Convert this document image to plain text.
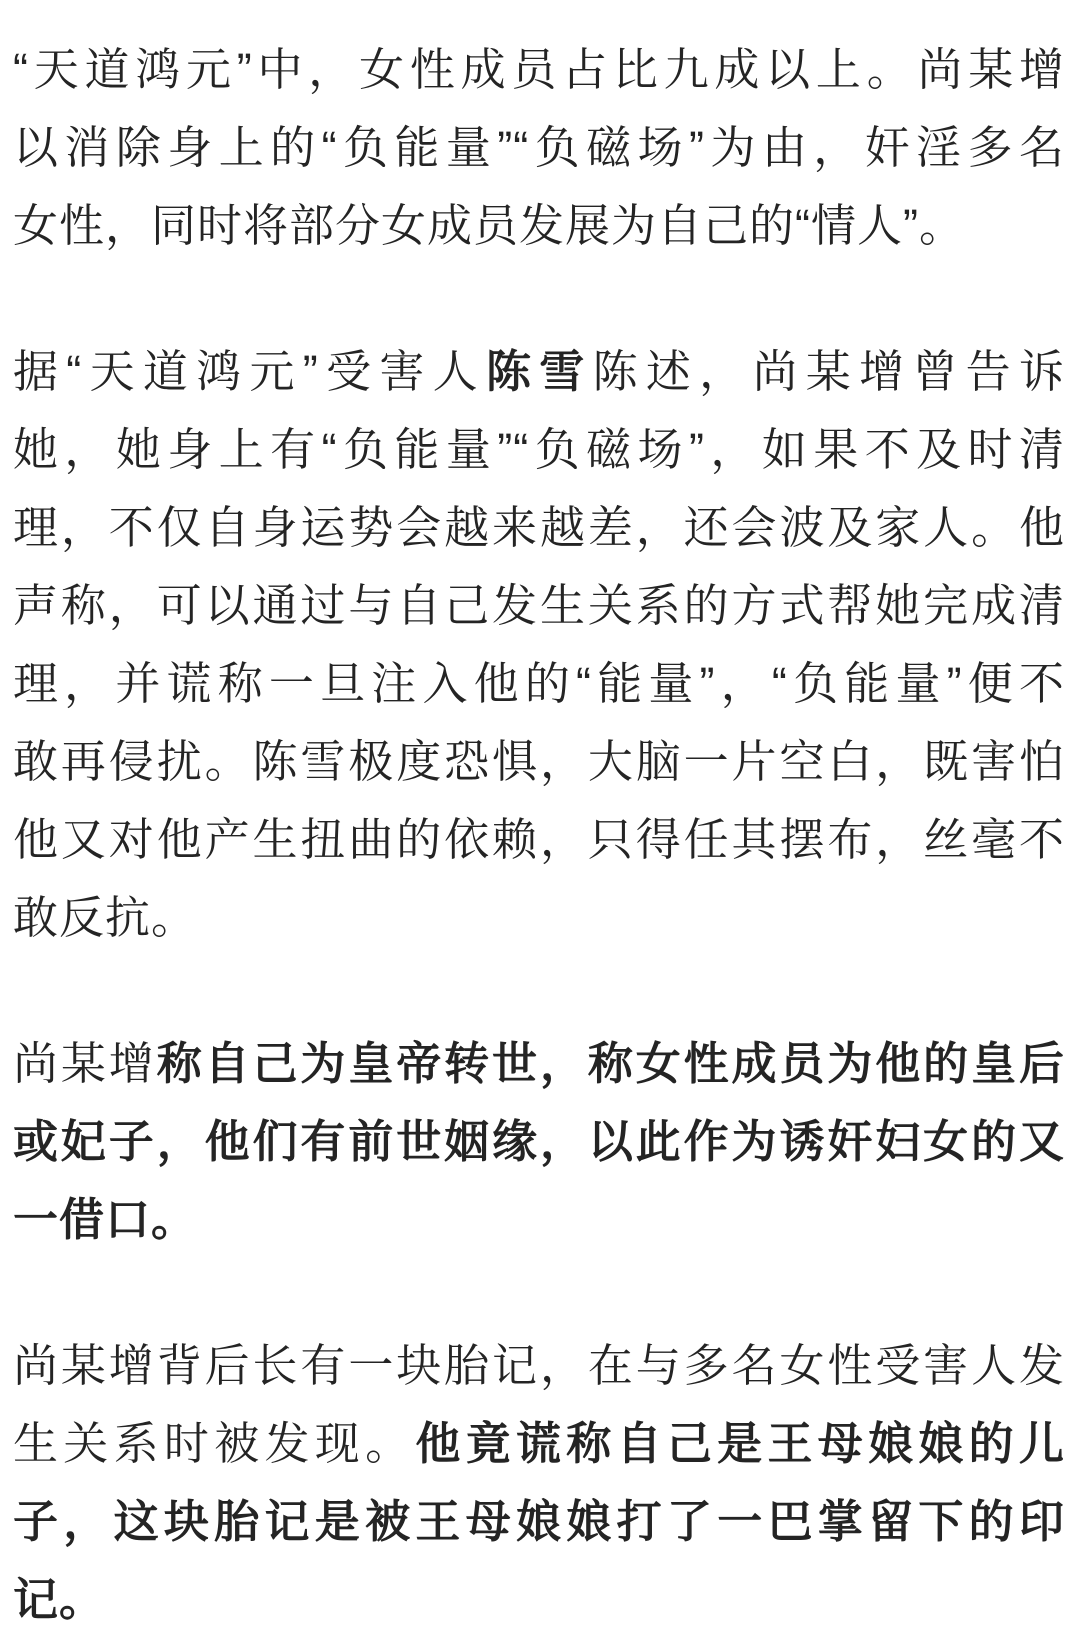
“天道鸿元”中，女性成员占比九成以上。尚某增
以消除身上的“负能量”“负磁场”为由，奸淫多名
女性，同时将部分女成员发展为自己的“情人”。
据“天道鸿元”受害人陈雪陈述，尚某增曾告诉
她，她身上有“负能量”“负磁场”，如果不及时清
理，不仅自身运势会越来越差，还会波及家人。他
声称，可以通过与自己发生关系的方式帮她完成清
理，并谎称一旦注入他的“能量”，“负能量”便不
敢再侵扰。陈雪极度恐惧，大脑一片空白，既害怕
他又对他产生扭曲的依赖，只得任其摆布，丝毫不
敢反抗。
尚某增称自己为皇帝转世，称女性成员为他的皇后
或妃子，他们有前世姻缘，以此作为诱奸妇女的又
一借口。
尚某增背后长有一块胎记，在与多名女性受害人发
生关系时被发现。他竟谎称自己是王母娘娘的儿
子，这块胎记是被王母娘娘打了一巴掌留下的印
记。
